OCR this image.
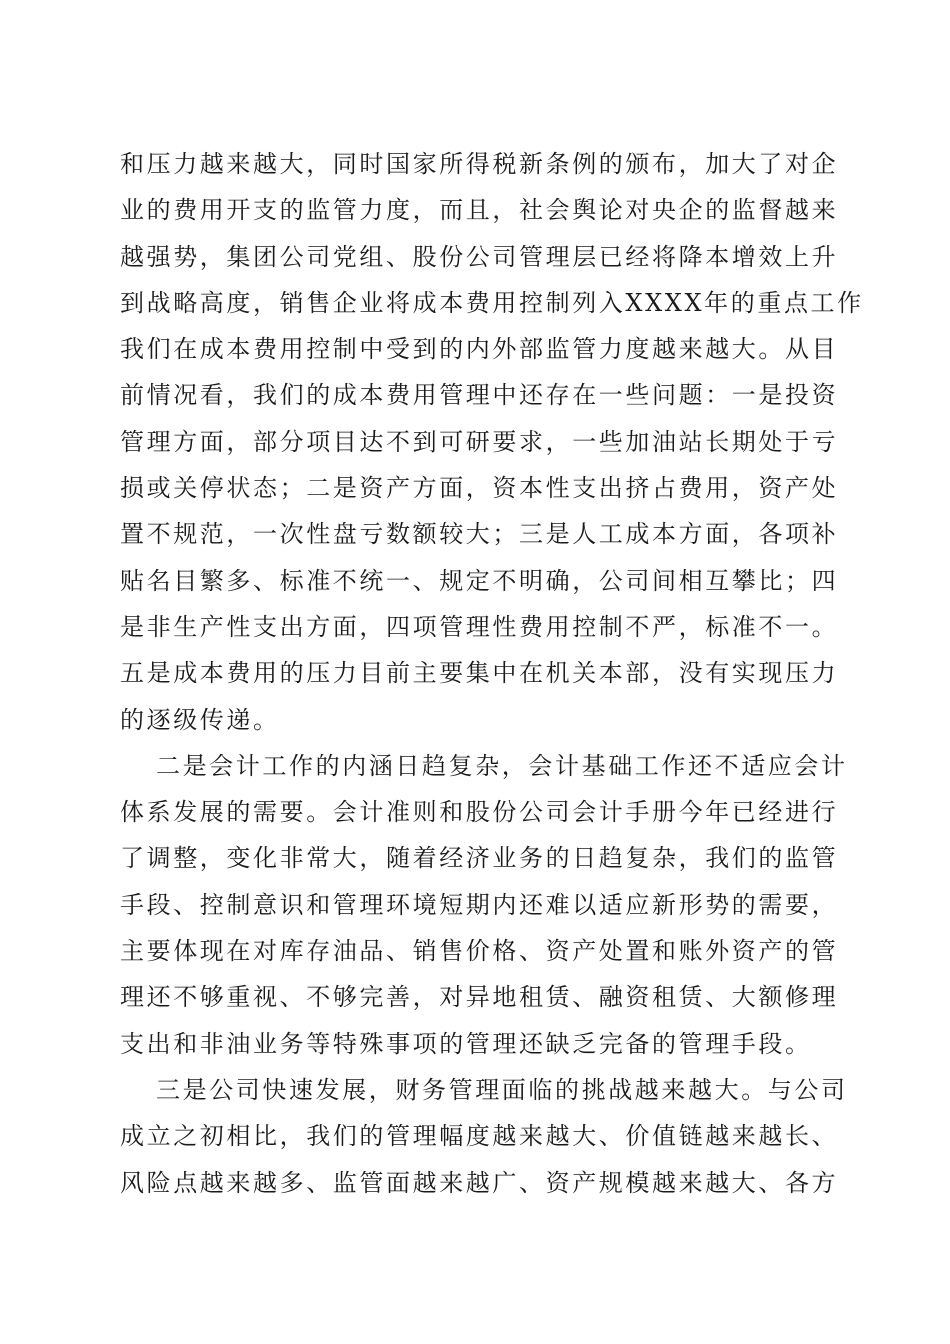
和压力越来越大，同时国家所得税新条例的颁布，加大了对企
业的费用开支的监管力度，而且，社会舆论对央企的监督越来
越强势，集团公司党组、股份公司管理层已经将降本增效上升
到战略高度，销售企业将成本费用控制列入XXXX年的重点工作
我们在成本费用控制中受到的内外部监管力度越来越大。从目
前情况看，我们的成本费用管理中还存在一些问题：一是投资
管理方面，部分项目达不到可研要求，一些加油站长期处于亏
损或关停状态；二是资产方面，资本性支出挤占费用，资产处
置不规范，一次性盘亏数额较大；三是人工成本方面，各项补
贴名目繁多、标准不统一、规定不明确，公司间相互攀比；四
是非生产性支出方面，四项管理性费用控制不严，标准不一。
五是成本费用的压力目前主要集中在机关本部，没有实现压力
的逐级传递。
二是会计工作的内涵日趋复杂，会计基础工作还不适应会计
体系发展的需要。会计准则和股份公司会计手册今年已经进行
了调整，变化非常大，随着经济业务的日趋复杂，我们的监管
手段、控制意识和管理环境短期内还难以适应新形势的需要，
主要体现在对库存油品、销售价格、资产处置和账外资产的管
理还不够重视、不够完善，对异地租赁、融资租赁、大额修理
支出和非油业务等特殊事项的管理还缺乏完备的管理手段。
三是公司快速发展，财务管理面临的挑战越来越大。与公司
成立之初相比，我们的管理幅度越来越大、价值链越来越长、
风险点越来越多、监管面越来越广、资产规模越来越大、各方
